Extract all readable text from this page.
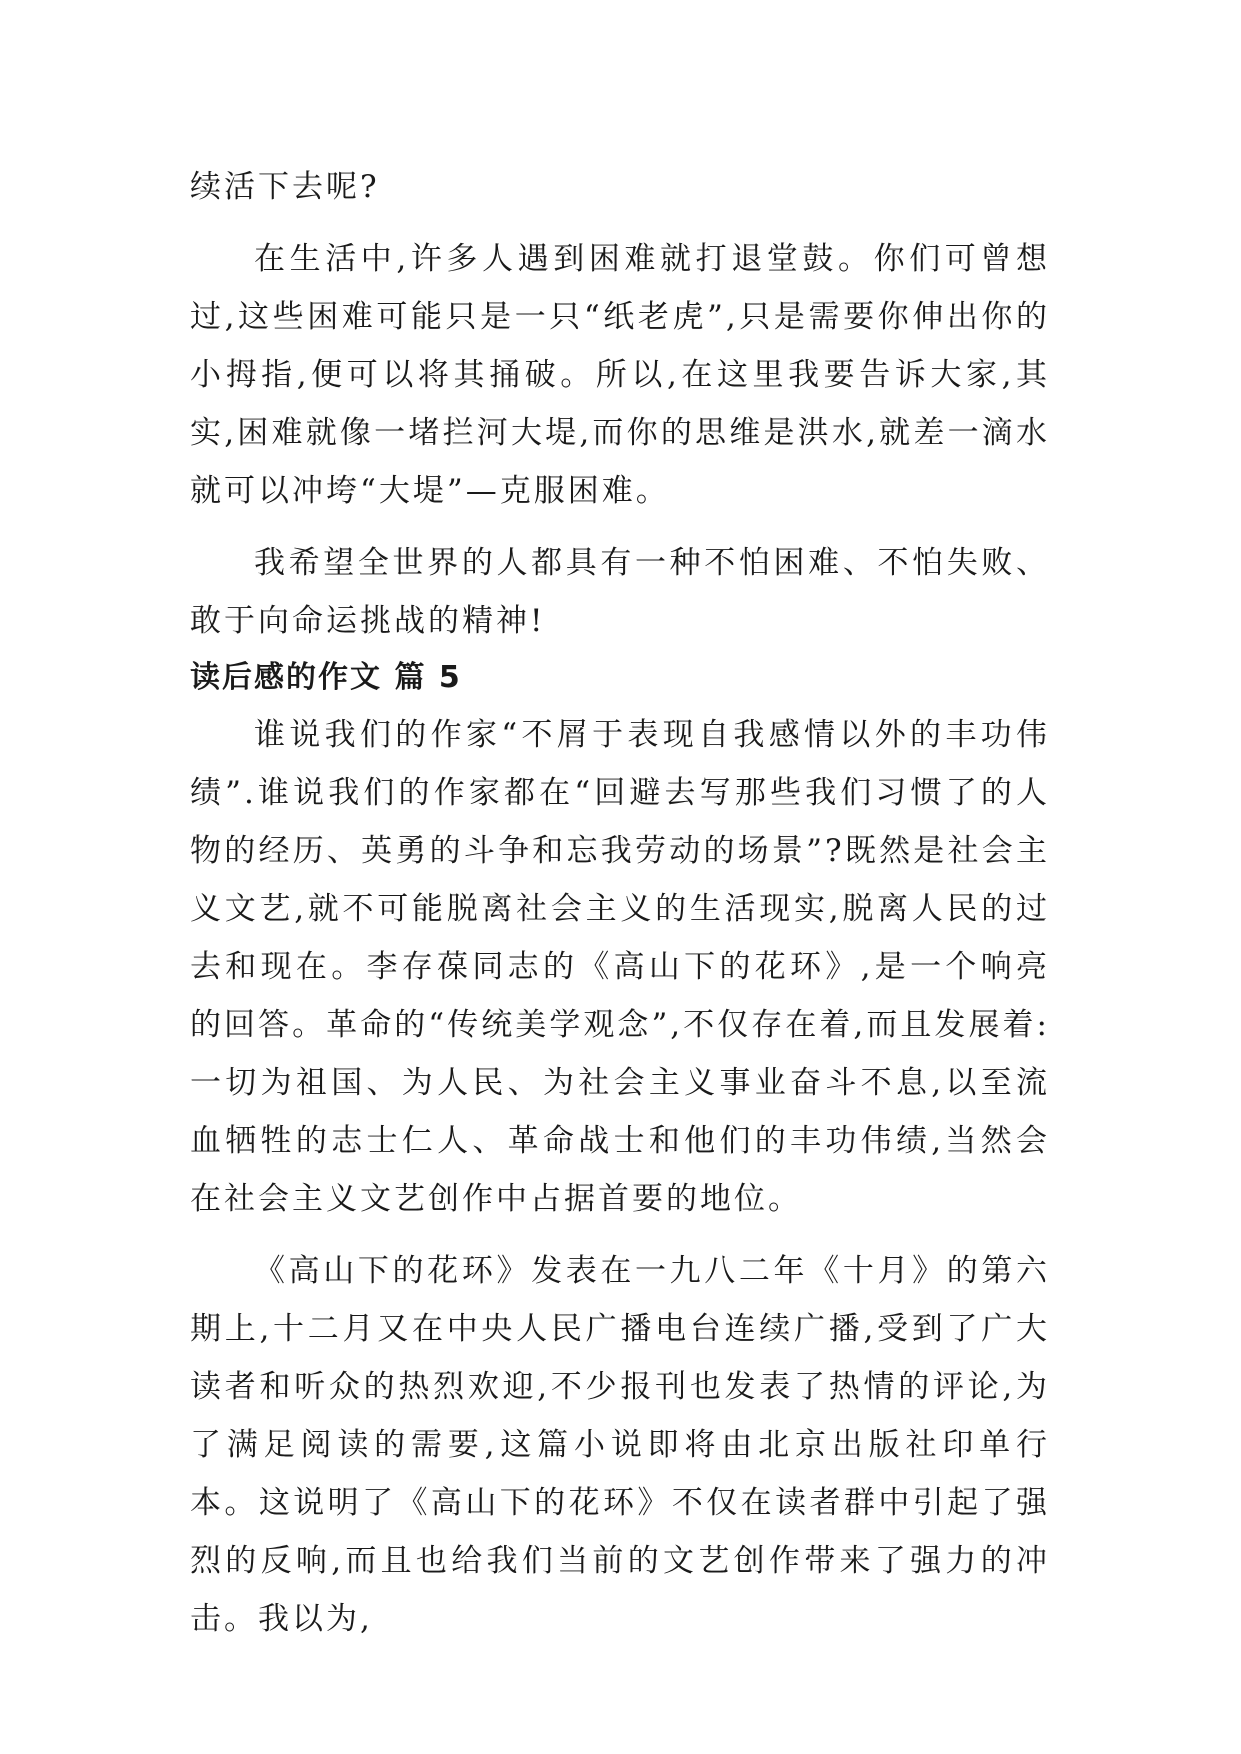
续活下去呢?

在生活中,许多人遇到困难就打退堂鼓。你们可曾想过,这些困难可能只是一只“纸老虎”,只是需要你伸出你的小拇指,便可以将其捅破。所以,在这里我要告诉大家,其实,困难就像一堵拦河大堤,而你的思维是洪水,就差一滴水就可以冲垮“大堤”—克服困难。

我希望全世界的人都具有一种不怕困难、不怕失败、敢于向命运挑战的精神!

读后感的作文 篇 5

谁说我们的作家“不屑于表现自我感情以外的丰功伟绩”.谁说我们的作家都在“回避去写那些我们习惯了的人物的经历、英勇的斗争和忘我劳动的场景”?既然是社会主义文艺,就不可能脱离社会主义的生活现实,脱离人民的过去和现在。李存葆同志的《高山下的花环》,是一个响亮的回答。革命的“传统美学观念”,不仅存在着,而且发展着:一切为祖国、为人民、为社会主义事业奋斗不息,以至流血牺牲的志士仁人、革命战士和他们的丰功伟绩,当然会在社会主义文艺创作中占据首要的地位。

《高山下的花环》发表在一九八二年《十月》的第六期上,十二月又在中央人民广播电台连续广播,受到了广大读者和听众的热烈欢迎,不少报刊也发表了热情的评论,为了满足阅读的需要,这篇小说即将由北京出版社印单行本。这说明了《高山下的花环》不仅在读者群中引起了强烈的反响,而且也给我们当前的文艺创作带来了强力的冲击。我以为,
